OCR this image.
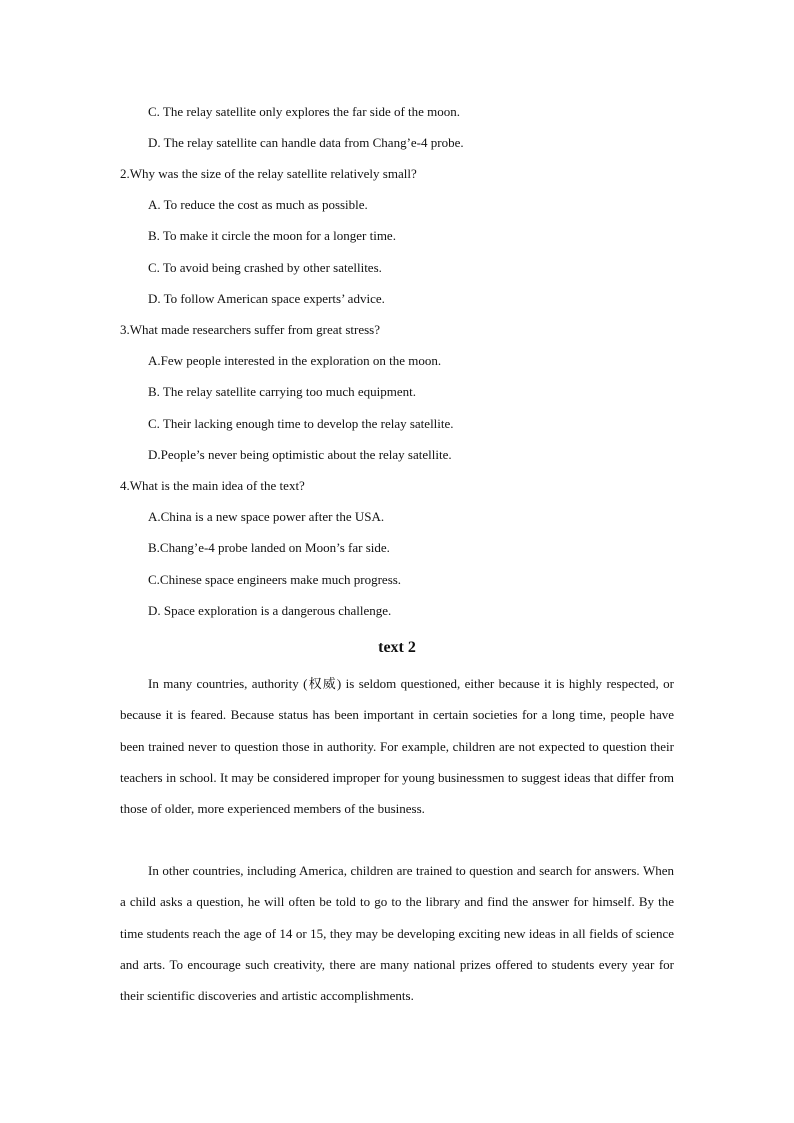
C. The relay satellite only explores the far side of the moon.
D. The relay satellite can handle data from Chang’e-4 probe.
2.Why was the size of the relay satellite relatively small?
A. To reduce the cost as much as possible.
B. To make it circle the moon for a longer time.
C. To avoid being crashed by other satellites.
D. To follow American space experts’ advice.
3.What made researchers suffer from great stress?
A.Few people interested in the exploration on the moon.
B. The relay satellite carrying too much equipment.
C. Their lacking enough time to develop the relay satellite.
D.People’s never being optimistic about the relay satellite.
4.What is the main idea of the text?
A.China is a new space power after the USA.
B.Chang’e-4 probe landed on Moon’s far side.
C.Chinese space engineers make much progress.
D. Space exploration is a dangerous challenge.
text 2

In many countries, authority (权威) is seldom questioned, either because it is highly respected, or because it is feared. Because status has been important in certain societies for a long time, people have been trained never to question those in authority. For example, children are not expected to question their teachers in school. It may be considered improper for young businessmen to suggest ideas that differ from those of older, more experienced members of the business.

In other countries, including America, children are trained to question and search for answers. When a child asks a question, he will often be told to go to the library and find the answer for himself. By the time students reach the age of 14 or 15, they may be developing exciting new ideas in all fields of science and arts. To encourage such creativity, there are many national prizes offered to students every year for their scientific discoveries and artistic accomplishments.
